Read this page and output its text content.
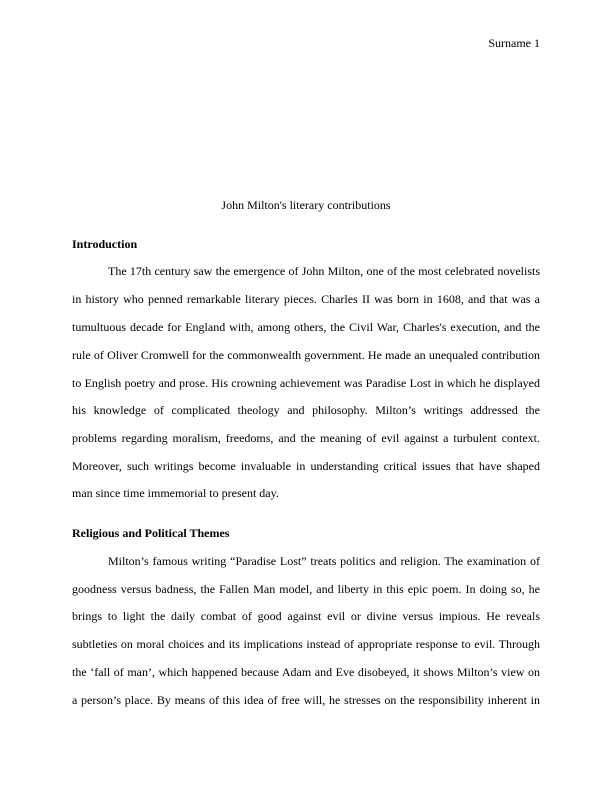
Surname 1
John Milton's literary contributions
Introduction
The 17th century saw the emergence of John Milton, one of the most celebrated novelists
in history who penned remarkable literary pieces. Charles II was born in 1608, and that was a
tumultuous decade for England with, among others, the Civil War, Charles's execution, and the
rule of Oliver Cromwell for the commonwealth government. He made an unequaled contribution
to English poetry and prose. His crowning achievement was Paradise Lost in which he displayed
his knowledge of complicated theology and philosophy. Milton’s writings addressed the
problems regarding moralism, freedoms, and the meaning of evil against a turbulent context.
Moreover, such writings become invaluable in understanding critical issues that have shaped
man since time immemorial to present day.
Religious and Political Themes
Milton’s famous writing “Paradise Lost” treats politics and religion. The examination of
goodness versus badness, the Fallen Man model, and liberty in this epic poem. In doing so, he
brings to light the daily combat of good against evil or divine versus impious. He reveals
subtleties on moral choices and its implications instead of appropriate response to evil. Through
the ‘fall of man’, which happened because Adam and Eve disobeyed, it shows Milton’s view on
a person’s place. By means of this idea of free will, he stresses on the responsibility inherent in
